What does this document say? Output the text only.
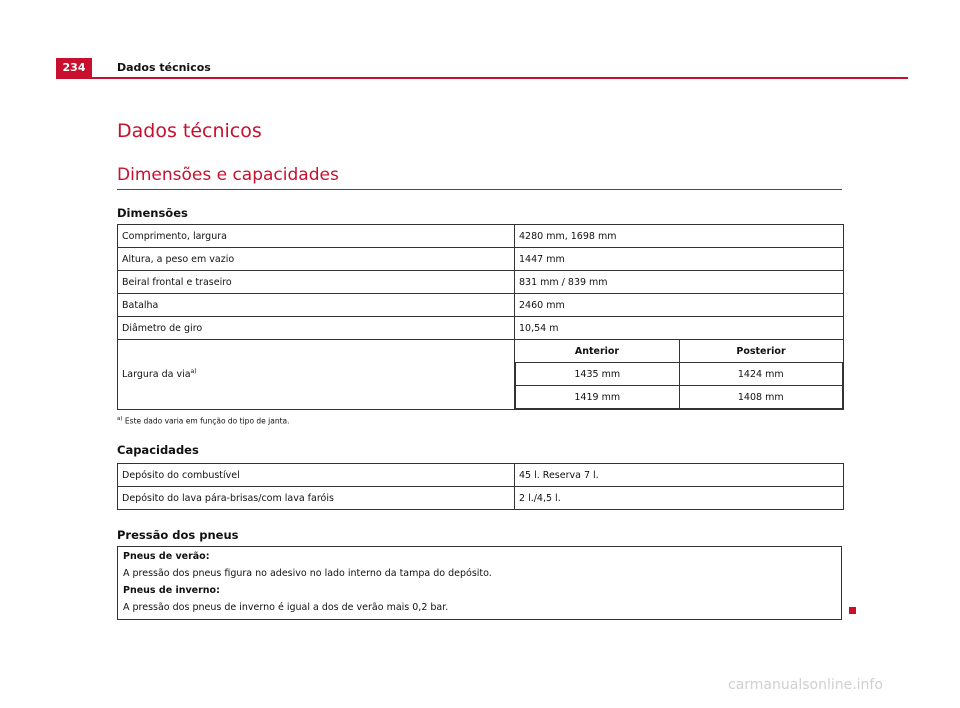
234	Dados técnicos
Dados técnicos
Dimensões e capacidades
Dimensões
Comprimento, largura	4280 mm, 1698 mm
Altura, a peso em vazio	1447 mm
Beiral frontal e traseiro	831 mm / 839 mm
Batalha	2460 mm
Diâmetro de giro	10,54 m
Largura da via$^{a)}$	
Anterior	Posterior
1435 mm	1424 mm
1419 mm	1408 mm
$^{a)}$ Este dado varia em função do tipo de janta.
Capacidades
Depósito do combustível	45 l. Reserva 7 l.
Depósito do lava pára-brisas/com lava faróis	2 l./4,5 l.
Pressão dos pneus
Pneus de verão:
A pressão dos pneus figura no adesivo no lado interno da tampa do depósito.
Pneus de inverno:
A pressão dos pneus de inverno é igual a dos de verão mais 0,2 bar.
carmanualsonline.info
